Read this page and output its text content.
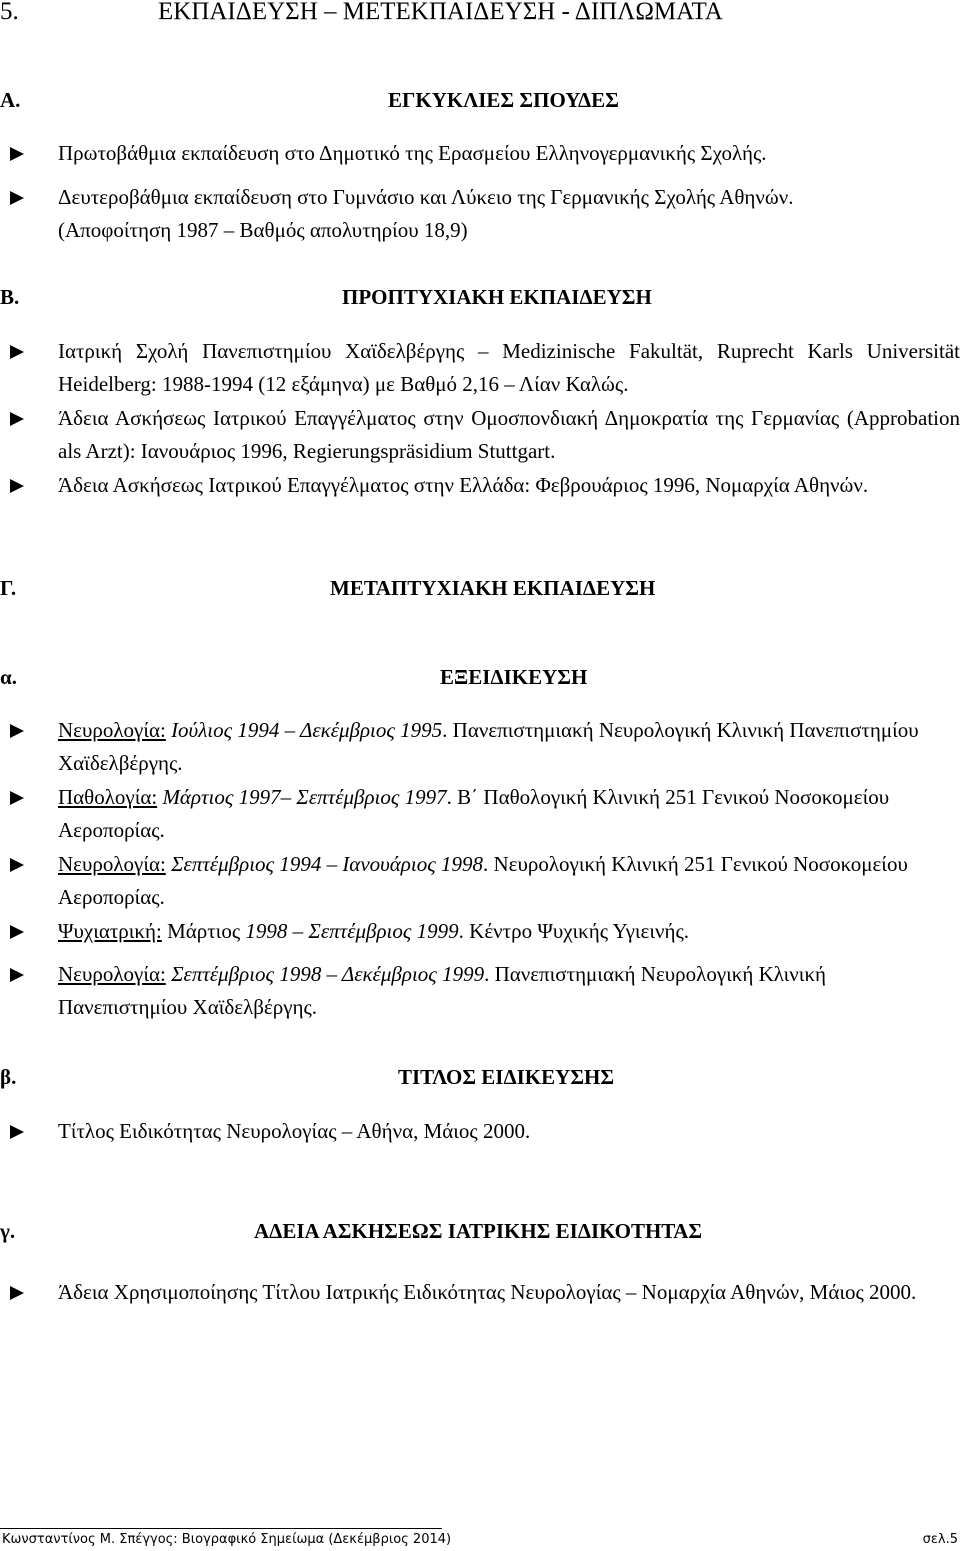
5.	ΕΚΠΑΙΔΕΥΣΗ – ΜΕΤΕΚΠΑΙΔΕΥΣΗ - ΔΙΠΛΩΜΑΤΑ
Α.	ΕΓΚΥΚΛΙΕΣ ΣΠΟΥΔΕΣ
Πρωτοβάθμια εκπαίδευση στο Δημοτικό της Ερασμείου Ελληνογερμανικής Σχολής.
Δευτεροβάθμια εκπαίδευση στο Γυμνάσιο και Λύκειο της Γερμανικής Σχολής Αθηνών.
(Αποφοίτηση 1987 – Βαθμός απολυτηρίου 18,9)
Β.	ΠΡΟΠΤΥΧΙΑΚΗ ΕΚΠΑΙΔΕΥΣΗ
Ιατρική Σχολή Πανεπιστημίου Χαϊδελβέργης – Medizinische Fakultät, Ruprecht Karls Universität Heidelberg: 1988-1994 (12 εξάμηνα) με Βαθμό 2,16 – Λίαν Καλώς.
Άδεια Ασκήσεως Ιατρικού Επαγγέλματος στην Ομοσπονδιακή Δημοκρατία της Γερμανίας (Approbation als Arzt): Ιανουάριος 1996, Regierungspräsidium Stuttgart.
Άδεια Ασκήσεως Ιατρικού Επαγγέλματος στην Ελλάδα: Φεβρουάριος 1996, Νομαρχία Αθηνών.
Γ.	ΜΕΤΑΠΤΥΧΙΑΚΗ ΕΚΠΑΙΔΕΥΣΗ
α.	ΕΞΕΙΔΙΚΕΥΣΗ
Νευρολογία: Ιούλιος 1994 – Δεκέμβριος 1995. Πανεπιστημιακή Νευρολογική Κλινική Πανεπιστημίου Χαϊδελβέργης.
Παθολογία: Μάρτιος 1997– Σεπτέμβριος 1997. Β΄ Παθολογική Κλινική 251 Γενικού Νοσοκομείου Αεροπορίας.
Νευρολογία: Σεπτέμβριος 1994 – Ιανουάριος 1998. Νευρολογική Κλινική 251 Γενικού Νοσοκομείου Αεροπορίας.
Ψυχιατρική: Μάρτιος 1998 – Σεπτέμβριος 1999. Κέντρο Ψυχικής Υγιεινής.
Νευρολογία: Σεπτέμβριος 1998 – Δεκέμβριος 1999. Πανεπιστημιακή Νευρολογική Κλινική Πανεπιστημίου Χαϊδελβέργης.
β.	ΤΙΤΛΟΣ ΕΙΔΙΚΕΥΣΗΣ
Τίτλος Ειδικότητας Νευρολογίας – Αθήνα, Μάιος 2000.
γ.	ΑΔΕΙΑ ΑΣΚΗΣΕΩΣ ΙΑΤΡΙΚΗΣ ΕΙΔΙΚΟΤΗΤΑΣ
Άδεια Χρησιμοποίησης Τίτλου Ιατρικής Ειδικότητας Νευρολογίας – Νομαρχία Αθηνών, Μάιος 2000.
Κωνσταντίνος Μ. Σπέγγος: Βιογραφικό Σημείωμα (Δεκέμβριος 2014)	σελ.5
